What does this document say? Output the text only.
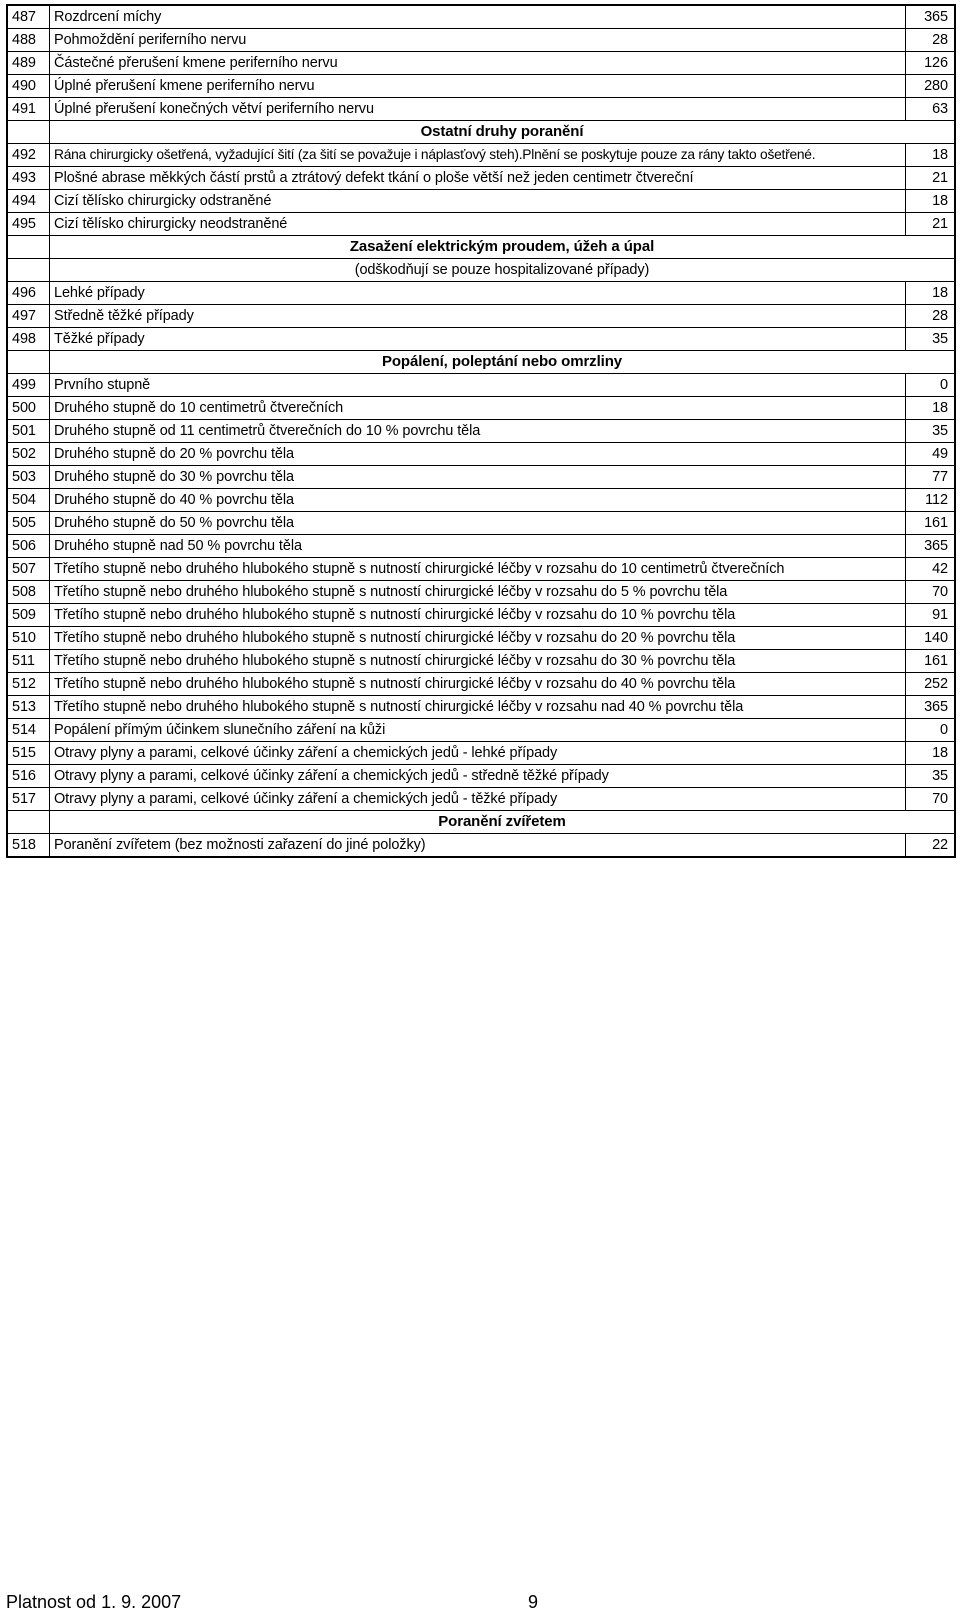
487	Rozdrcení míchy	365
488	Pohmoždění periferního nervu	28
489	Částečné přerušení kmene periferního nervu	126
490	Úplné přerušení kmene periferního nervu	280
491	Úplné přerušení konečných větví periferního nervu	63
	Ostatní druhy poranění	
492	Rána chirurgicky ošetřená, vyžadující šití (za šití se považuje i náplasťový steh).Plnění se poskytuje pouze za rány takto ošetřené.	18
493	Plošné abrase měkkých částí prstů a ztrátový defekt tkání o ploše větší než jeden centimetr čtvereční	21
494	Cizí tělísko chirurgicky odstraněné	18
495	Cizí tělísko chirurgicky neodstraněné	21
	Zasažení elektrickým proudem, úžeh a úpal	
	(odškodňují se pouze hospitalizované případy)	
496	Lehké případy	18
497	Středně těžké případy	28
498	Těžké případy	35
	Popálení, poleptání nebo omrzliny	
499	Prvního stupně	0
500	Druhého stupně do 10 centimetrů čtverečních	18
501	Druhého stupně od 11 centimetrů čtverečních do 10 % povrchu těla	35
502	Druhého stupně do 20 % povrchu těla	49
503	Druhého stupně do 30 % povrchu těla	77
504	Druhého stupně do 40 % povrchu těla	112
505	Druhého stupně do 50 % povrchu těla	161
506	Druhého stupně nad 50 % povrchu těla	365
507	Třetího stupně nebo druhého hlubokého stupně s nutností chirurgické léčby v rozsahu do 10 centimetrů čtverečních	42
508	Třetího stupně nebo druhého hlubokého stupně s nutností chirurgické léčby v rozsahu do 5 % povrchu těla	70
509	Třetího stupně nebo druhého hlubokého stupně s nutností chirurgické léčby v rozsahu do 10 % povrchu těla	91
510	Třetího stupně nebo druhého hlubokého stupně s nutností chirurgické léčby v rozsahu do 20 % povrchu těla	140
511	Třetího stupně nebo druhého hlubokého stupně s nutností chirurgické léčby v rozsahu do 30 % povrchu těla	161
512	Třetího stupně nebo druhého hlubokého stupně s nutností chirurgické léčby v rozsahu do 40 % povrchu těla	252
513	Třetího stupně nebo druhého hlubokého stupně s nutností chirurgické léčby v rozsahu nad 40 % povrchu těla	365
514	Popálení přímým účinkem slunečního záření na kůži	0
515	Otravy plyny a parami, celkové účinky záření a chemických jedů - lehké případy	18
516	Otravy plyny a parami, celkové účinky záření a chemických jedů - středně těžké případy	35
517	Otravy plyny a parami, celkové účinky záření a chemických jedů - těžké případy	70
	Poranění zvířetem	
518	Poranění zvířetem (bez možnosti zařazení do jiné položky)	22
Platnost od 1. 9. 2007	9
